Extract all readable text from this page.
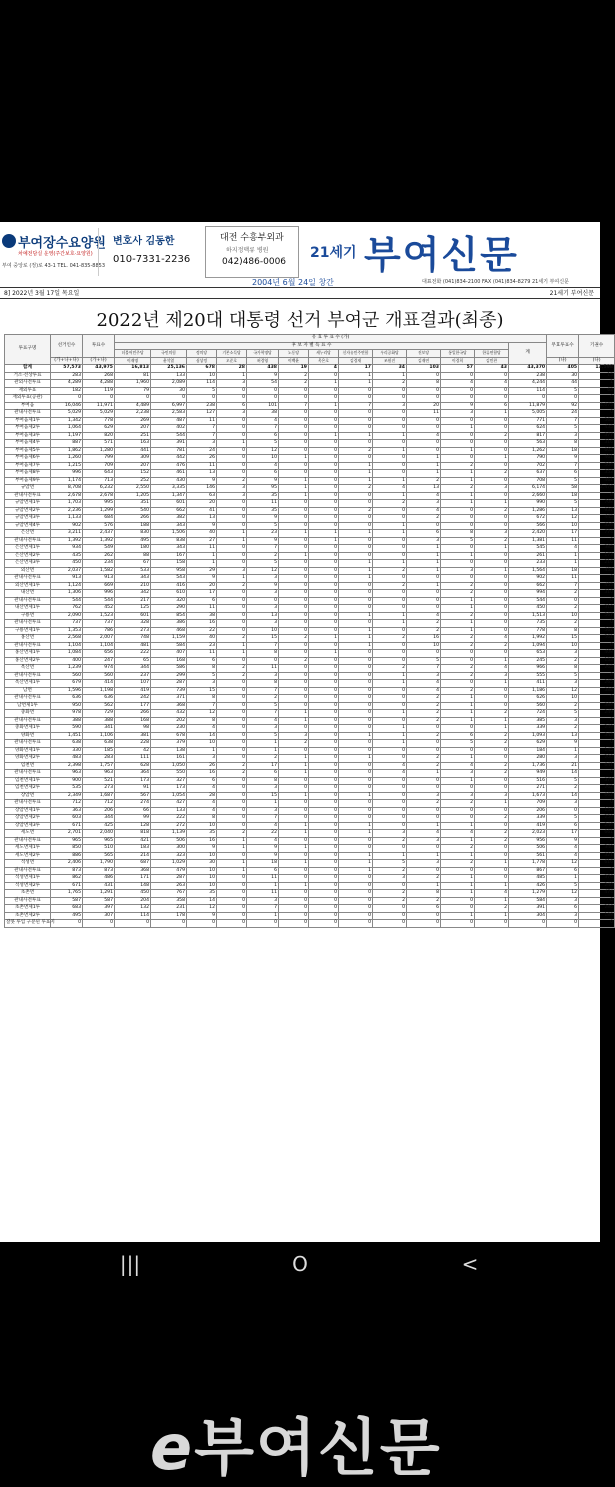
부여장수요양원
차예전담실 운영(주간보호·요양원)
부여 중앙로 (정)로 43-1 TEL. 041-835-8853
변호사 김동한
010-7331-2236
대전 수흥부외과
하지정맥류 병원
042)486-0006
21세기 부여신문
2004년 6월 24일 창간	대표전화 (041)834-2100 FAX (041)834-8279 21세기 부여신문
8] 2022년 3월 17일 목요일	21세기 부여신문
2022년 제20대 대통령 선거 부여군 개표결과(최종)
투표구명	선거인수	투표수	유 효 투 표 수 (가)													무효투표수	기권수
			후 보 자 별 득 표 수												계		
			더불어민주당	국민의힘	정의당	기본소득당	국가혁명당	노동당	새누리당	신자유민주연합	우리공화당	진보당	통일한국당	한류연합당			
	(가+나+다)	(가+나)	이재명	윤석열	심상정	오준호	허경영	이백윤	옥은호	김경재	조원진	김재연	이경희	김민찬		(나)	(다)
합계	57,573	43,975	16,813	25,136	678	28	438	19	4	17	34	103	57	43	43,370	405	13,598
거소·선상투표	283	268	81	133	10	1	9	2	0	1	1	0	0	0	238	30	15
관외사전투표	4,289	4,288	1,960	2,089	114	3	54	2	1	1	2	8	4	4	4,244	44	1
재외투표	182	119	79	30	5	0	0	0	0	0	0	0	0	0	114	5	63
재외투표(공관)	0	0	0	0	0	0	0	0	0	0	0	0	0	0	0	0	0
부여읍	16,046	11,971	4,489	6,997	238	6	101	7	1	7	3	20	9	6	11,879	92	4,075
관내사전투표	5,029	5,029	2,238	2,583	127	3	38	0	0	0	0	11	3	1	5,005	24	0
부여읍제1투	1,342	778	269	487	11	0	4	0	0	0	0	0	0	0	771	7	564
부여읍제2투	1,064	629	207	402	7	0	7	0	0	0	0	0	1	0	624	5	435
부여읍제3투	1,197	820	251	544	7	0	6	0	1	1	1	4	0	2	817	3	377
부여읍제4투	887	571	163	391	3	1	5	0	0	0	0	0	0	0	563	8	316
부여읍제5투	1,862	1,280	441	781	24	0	12	0	0	2	1	0	1	0	1,262	18	602
부여읍제6투	1,260	799	309	442	26	0	10	1	0	0	0	1	0	1	790	9	461
부여읍제7투	1,215	709	207	476	11	0	4	0	0	1	0	1	2	0	702	7	506
부여읍제8투	996	643	152	461	13	0	6	0	0	1	0	1	1	2	637	6	353
부여읍제9투	1,174	713	252	430	9	2	9	1	0	1	1	2	1	0	708	5	461
규암면	8,708	6,232	2,550	3,335	146	3	95	1	0	2	4	13	2	3	6,174	58	2,476
관내사전투표	2,678	2,678	1,205	1,347	63	3	35	1	0	0	1	4	1	0	2,660	18	0
규암면제1투	1,703	995	351	601	20	0	11	0	0	0	2	3	1	1	990	5	708
규암면제2투	2,236	1,299	540	662	41	0	35	0	0	2	0	4	0	2	1,286	13	937
규암면제3투	1,133	684	266	382	13	0	9	0	0	0	0	2	0	0	672	12	445
규암면제4투	902	576	188	343	9	0	5	0	0	0	1	0	0	0	566	10	326
은산면	3,211	2,437	830	1,506	40	1	23	1	1	1	1	6	8	3	2,420	17	774
관내사전투표	1,392	1,392	495	838	27	1	9	0	1	0	0	3	5	2	1,381	11	0
은산면제1투	934	549	180	343	11	0	7	0	0	0	0	1	0	1	545	4	385
은산면제2투	435	262	88	167	1	0	2	1	0	0	0	1	1	0	261	1	173
은산면제3투	450	234	67	158	1	0	5	0	0	1	1	1	0	0	233	1	216
외산면	2,037	1,582	533	958	29	3	12	0	0	1	2	1	3	1	1,564	18	455
관내사전투표	913	913	343	543	9	1	3	0	0	1	0	0	0	0	902	11	0
외산면제1투	1,124	669	210	416	20	2	9	0	0	0	2	1	2	0	662	7	455
내산면	1,306	996	342	610	17	0	3	0	0	0	0	0	2	0	994	2	310
관내사전투표	544	544	217	320	6	0	0	0	0	0	0	0	1	0	544	0	0
내산면제1투	762	452	125	290	11	0	3	0	0	0	0	0	1	0	450	2	310
구룡면	2,090	1,523	601	854	38	0	13	0	0	1	1	4	2	0	1,513	10	567
관내사전투표	737	737	328	386	16	0	3	0	0	0	1	2	1	0	735	2	0
구룡면제1투	1,353	786	273	468	22	0	10	0	0	1	0	2	1	0	778	8	567
홍산면	2,568	2,007	748	1,159	40	2	15	2	1	1	2	16	2	4	1,992	15	561
관내사전투표	1,104	1,104	481	584	23	1	7	0	0	1	0	10	2	2	1,094	10	0
홍산면제1투	1,084	656	222	407	11	1	8	0	1	0	0	0	0	0	653	3	408
홍산면제2투	400	247	65	168	6	0	0	2	0	0	0	5	0	1	245	2	153
옥산면	1,239	974	344	586	8	2	11	0	0	0	2	7	2	4	966	8	265
관내사전투표	560	560	237	299	5	2	3	0	0	0	1	3	2	3	555	5	0
옥산면제1투	679	414	107	287	3	0	8	0	0	0	1	4	0	1	411	3	265
남면	1,596	1,198	419	739	15	0	7	0	0	0	0	4	2	0	1,186	12	388
관내사전투표	636	636	242	371	8	0	2	0	0	0	0	2	1	0	626	10	0
남면제1투	950	562	177	368	7	0	5	0	0	0	0	2	1	0	560	2	388
충화면	978	729	266	432	12	0	7	1	0	0	1	2	1	2	724	5	249
관내사전투표	388	388	168	202	8	0	4	1	0	0	0	2	1	1	385	3	0
충화면제1투	590	341	98	230	4	0	3	0	0	0	1	0	0	1	339	2	249
양화면	1,451	1,106	381	678	14	0	5	3	0	1	1	2	6	2	1,093	13	345
관내사전투표	638	638	228	379	10	0	1	2	0	0	1	0	5	2	629	9	0
양화면제1투	330	185	42	138	1	0	1	0	0	0	0	0	0	0	184	1	145
양화면제2투	483	283	111	161	3	0	2	1	0	1	0	2	1	0	280	3	200
임천면	2,398	1,757	628	1,050	26	2	17	1	0	0	4	2	4	2	1,736	21	641
관내사전투표	963	963	364	550	16	2	6	1	0	0	4	1	3	2	949	14	0
임천면제1투	900	521	173	327	6	0	8	0	0	0	0	0	1	0	516	5	379
임천면제2투	535	273	91	173	4	0	3	0	0	0	0	0	0	0	271	2	262
장암면	2,349	1,687	567	1,054	28	0	15	1	0	1	0	3	3	3	1,673	14	662
관내사전투표	712	712	274	427	4	0	1	0	0	0	0	2	2	1	709	3	0
장암면제1투	363	206	66	133	4	0	3	0	0	0	0	0	0	0	206	0	157
장암면제2투	603	344	99	222	8	0	7	0	0	0	0	0	0	2	339	5	259
장암면제3투	671	425	128	272	10	0	4	1	0	1	0	1	1	0	419	6	246
세도면	2,701	2,040	818	1,139	35	2	22	1	0	1	3	4	4	2	2,023	17	661
관내사전투표	965	965	421	506	16	1	4	0	0	0	2	3	1	2	956	9	0
세도면제1투	850	510	183	300	9	1	9	1	0	0	0	0	2	0	506	4	340
세도면제2투	886	565	214	323	10	0	9	0	0	1	1	1	1	0	561	4	321
석성면	2,406	1,790	687	1,029	30	1	18	1	0	1	5	3	2	1	1,778	12	616
관내사전투표	873	873	368	479	10	1	6	0	0	1	2	0	0	0	867	6	0
석성면제1투	862	486	171	287	10	0	11	0	0	0	3	2	1	0	485	1	376
석성면제2투	671	431	148	263	10	0	1	1	0	0	0	1	1	1	426	5	240
초촌면	1,765	1,291	450	767	35	0	11	0	0	0	2	8	1	4	1,279	12	474
관내사전투표	587	587	204	358	14	0	3	0	0	0	2	2	0	1	584	3	0
초촌면제1투	683	397	132	231	12	0	7	0	0	0	0	6	0	2	391	6	286
초촌면제2투	495	307	114	178	9	0	1	0	0	0	0	0	1	1	304	3	188
잘못 투입 구분된 투표지	0	0	0	0	0	0	0	0	0	0	0	0	0	0	0	0	0
e부여신문
|||	O	<
